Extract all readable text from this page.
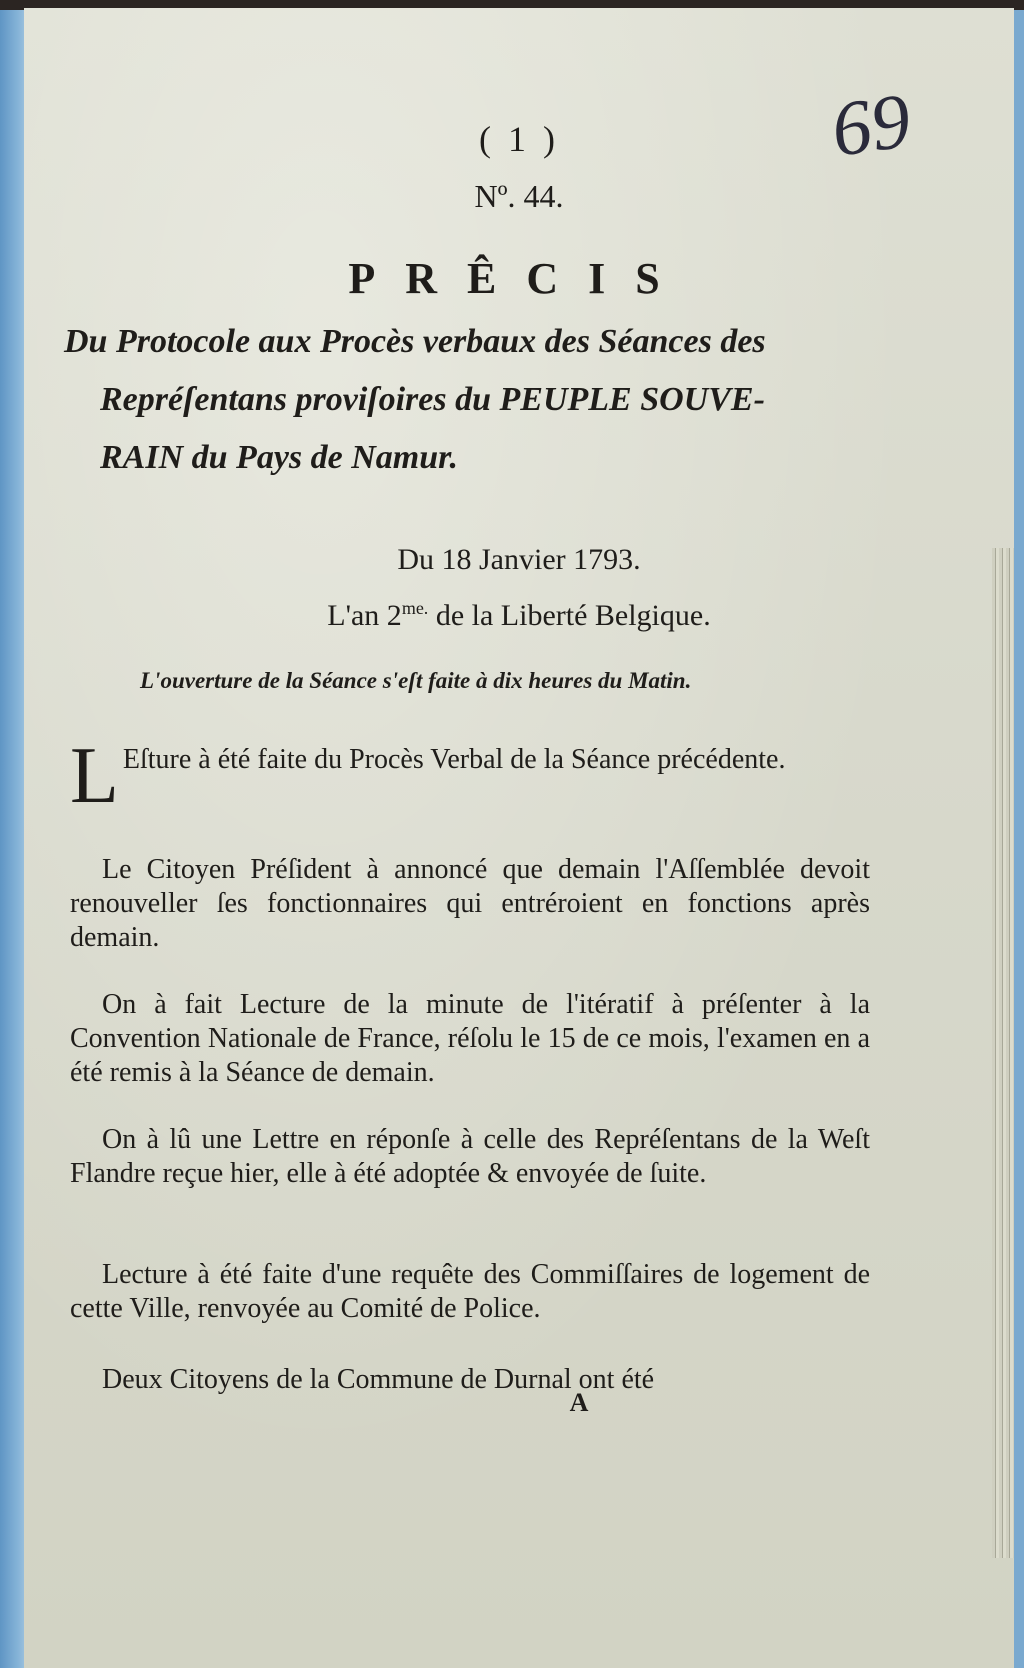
( 1 )
Nº. 44.
69
PRÊCIS
Du Protocole aux Procès verbaux des Séances des
Repréſentans proviſoires du PEUPLE SOUVE-
RAIN du Pays de Namur.
Du 18 Janvier 1793.
L'an $2^{me.}$ de la Liberté Belgique.
L'ouverture de la Séance s'eſt faite à dix heures du Matin.
L Eſture à été faite du Procès Verbal de la Séance précédente.
Le Citoyen Préſident à annoncé que demain l'Aſſemblée devoit renouveller ſes fonctionnaires qui entréroient en fonctions après demain.
On à fait Lecture de la minute de l'itératif à préſenter à la Convention Nationale de France, réſolu le 15 de ce mois, l'examen en a été remis à la Séance de demain.
On à lû une Lettre en réponſe à celle des Repréſentans de la Weſt Flandre reçue hier, elle à été adoptée & envoyée de ſuite.
Lecture à été faite d'une requête des Commiſſaires de logement de cette Ville, renvoyée au Comité de Police.
Deux Citoyens de la Commune de Durnal ont été
A
